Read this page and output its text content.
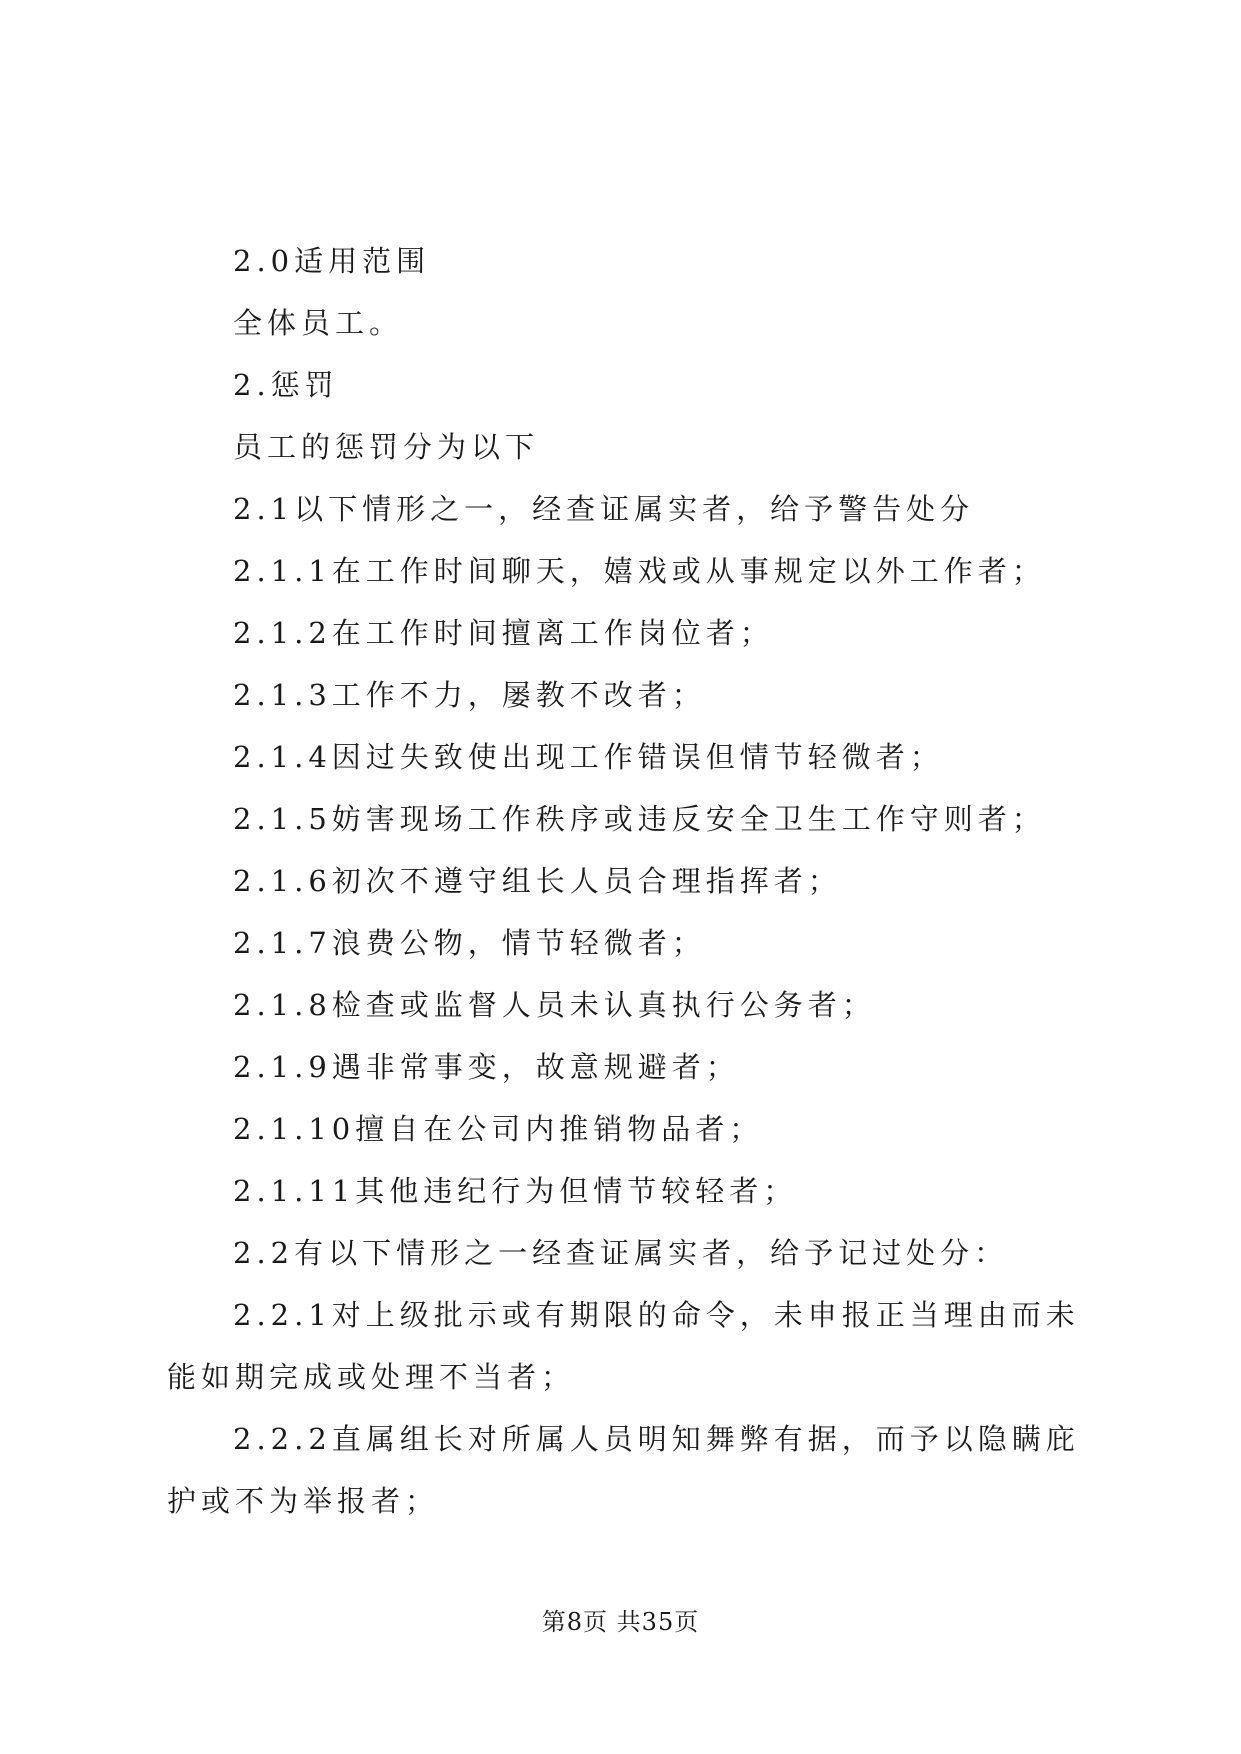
2.0适用范围

全体员工。

2.惩罚

员工的惩罚分为以下

2.1以下情形之一，经查证属实者，给予警告处分

2.1.1在工作时间聊天，嬉戏或从事规定以外工作者；

2.1.2在工作时间擅离工作岗位者；

2.1.3工作不力，屡教不改者；

2.1.4因过失致使出现工作错误但情节轻微者；

2.1.5妨害现场工作秩序或违反安全卫生工作守则者；

2.1.6初次不遵守组长人员合理指挥者；

2.1.7浪费公物，情节轻微者；

2.1.8检查或监督人员未认真执行公务者；

2.1.9遇非常事变，故意规避者；

2.1.10擅自在公司内推销物品者；

2.1.11其他违纪行为但情节较轻者；

2.2有以下情形之一经查证属实者，给予记过处分：

2.2.1对上级批示或有期限的命令，未申报正当理由而未能如期完成或处理不当者；

2.2.2直属组长对所属人员明知舞弊有据，而予以隐瞒庇护或不为举报者；

第8页 共35页
